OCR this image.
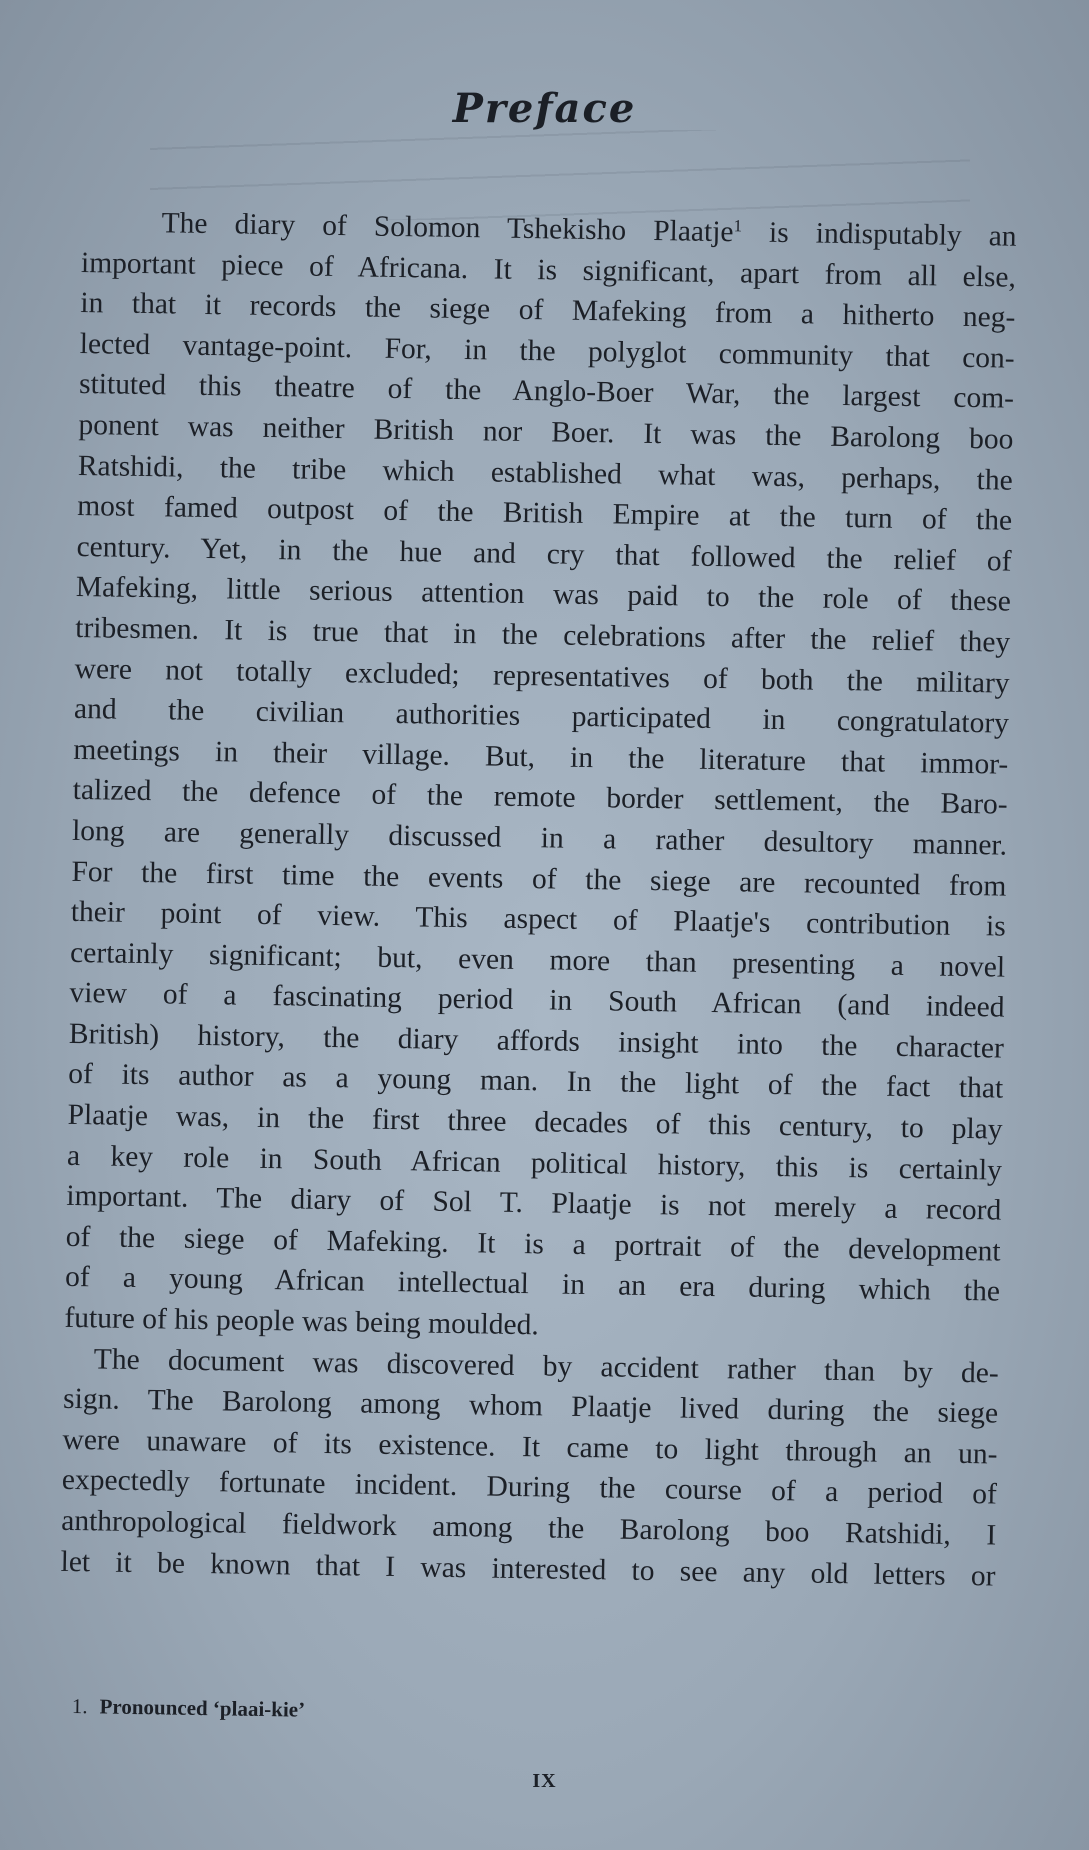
Preface
The diary of Solomon Tshekisho Plaatje$^1$ is indisputably an
important piece of Africana. It is significant, apart from all else,
in that it records the siege of Mafeking from a hitherto neg-
lected vantage-point. For, in the polyglot community that con-
stituted this theatre of the Anglo-Boer War, the largest com-
ponent was neither British nor Boer. It was the Barolong boo
Ratshidi, the tribe which established what was, perhaps, the
most famed outpost of the British Empire at the turn of the
century. Yet, in the hue and cry that followed the relief of
Mafeking, little serious attention was paid to the role of these
tribesmen. It is true that in the celebrations after the relief they
were not totally excluded; representatives of both the military
and the civilian authorities participated in congratulatory
meetings in their village. But, in the literature that immor-
talized the defence of the remote border settlement, the Baro-
long are generally discussed in a rather desultory manner.
For the first time the events of the siege are recounted from
their point of view. This aspect of Plaatje's contribution is
certainly significant; but, even more than presenting a novel
view of a fascinating period in South African (and indeed
British) history, the diary affords insight into the character
of its author as a young man. In the light of the fact that
Plaatje was, in the first three decades of this century, to play
a key role in South African political history, this is certainly
important. The diary of Sol T. Plaatje is not merely a record
of the siege of Mafeking. It is a portrait of the development
of a young African intellectual in an era during which the
future of his people was being moulded.
The document was discovered by accident rather than by de-
sign. The Barolong among whom Plaatje lived during the siege
were unaware of its existence. It came to light through an un-
expectedly fortunate incident. During the course of a period of
anthropological fieldwork among the Barolong boo Ratshidi, I
let it be known that I was interested to see any old letters or
1. Pronounced ‘plaai-kie’
IX
